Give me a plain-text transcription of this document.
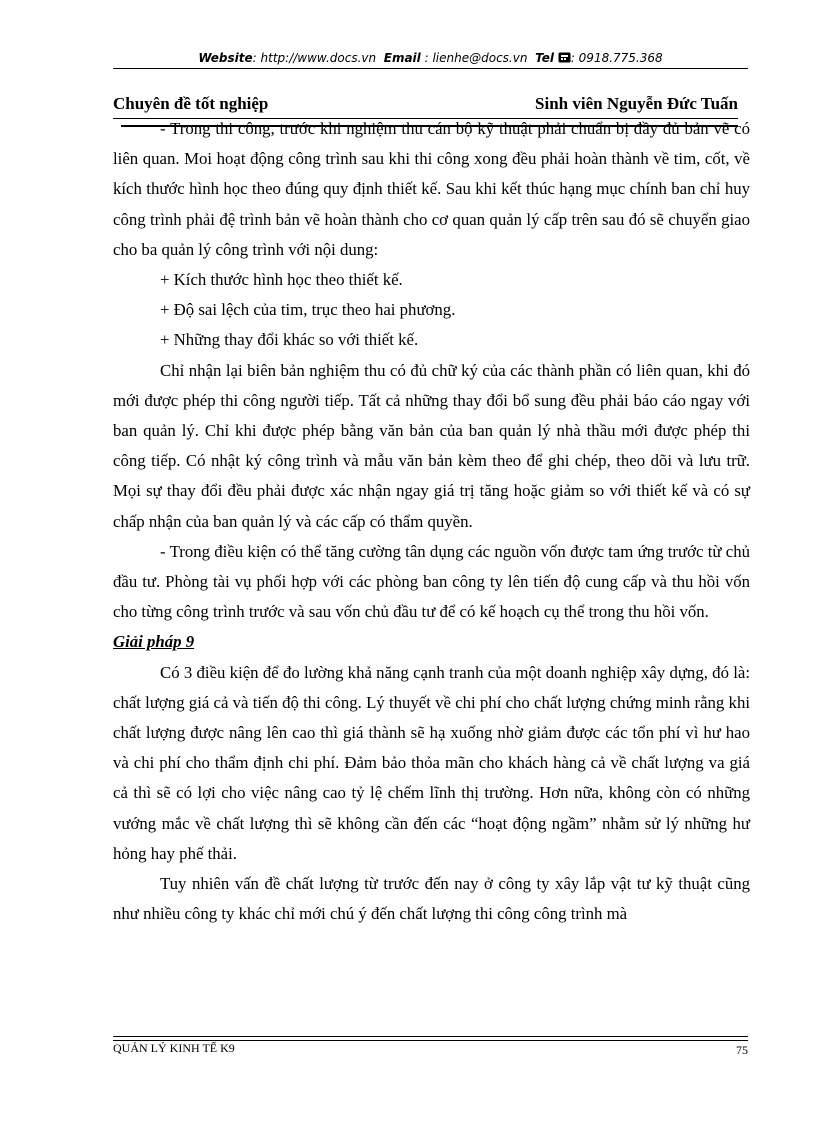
Website: http://www.docs.vn Email : lienhe@docs.vn Tel : 0918.775.368
Chuyên đề tốt nghiệp	Sinh viên Nguyễn Đức Tuấn

- Trong thi công, trước khi nghiệm thu cán bộ kỹ thuật phải chuẩn bị đầy đủ bản vẽ có liên quan. Moi hoạt động công trình sau khi thi công xong đều phải hoàn thành về tim, cốt, về kích thước hình học theo đúng quy định thiết kế. Sau khi kết thúc hạng mục chính ban chỉ huy công trình phải đệ trình bản vẽ hoàn thành cho cơ quan quản lý cấp trên sau đó sẽ chuyển giao cho ba quản lý công trình với nội dung:

+ Kích thước hình học theo thiết kế.

+ Độ sai lệch của tim, trục theo hai phương.

+ Những thay đổi khác so với thiết kế.

Chỉ nhận lại biên bản nghiệm thu có đủ chữ ký của các thành phần có liên quan, khi đó mới được phép thi công người tiếp. Tất cả những thay đổi bổ sung đều phải báo cáo ngay với ban quản lý. Chỉ khi được phép bằng văn bản của ban quản lý nhà thầu mới được phép thi công tiếp. Có nhật ký công trình và mẫu văn bản kèm theo để ghi chép, theo dõi và lưu trữ. Mọi sự thay đổi đều phải được xác nhận ngay giá trị tăng hoặc giảm so với thiết kế và có sự chấp nhận của ban quản lý và các cấp có thẩm quyền.

- Trong điều kiện có thể tăng cường tân dụng các nguồn vốn được tam ứng trước từ chủ đầu tư. Phòng tài vụ phối hợp với các phòng ban công ty lên tiến độ cung cấp và thu hồi vốn cho từng công trình trước và sau vốn chủ đầu tư để có kế hoạch cụ thể trong thu hồi vốn.

Giải pháp 9

Có 3 điều kiện để đo lường khả năng cạnh tranh của một doanh nghiệp xây dựng, đó là: chất lượng giá cả và tiến độ thi công. Lý thuyết về chi phí cho chất lượng chứng minh rằng khi chất lượng được nâng lên cao thì giá thành sẽ hạ xuống nhờ giảm được các tổn phí vì hư hao và chi phí cho thẩm định chi phí. Đảm bảo thỏa mãn cho khách hàng cả về chất lượng va giá cả thì sẽ có lợi cho việc nâng cao tỷ lệ chếm lĩnh thị trường. Hơn nữa, không còn có những vướng mắc về chất lượng thì sẽ không cần đến các “hoạt động ngầm” nhằm sử lý những hư hỏng hay phế thải.

Tuy nhiên vấn đề chất lượng từ trước đến nay ở công ty xây lắp vật tư kỹ thuật cũng như nhiều công ty khác chỉ mới chú ý đến chất lượng thi công công trình mà

QUẢN LÝ KINH TẾ K9	75
